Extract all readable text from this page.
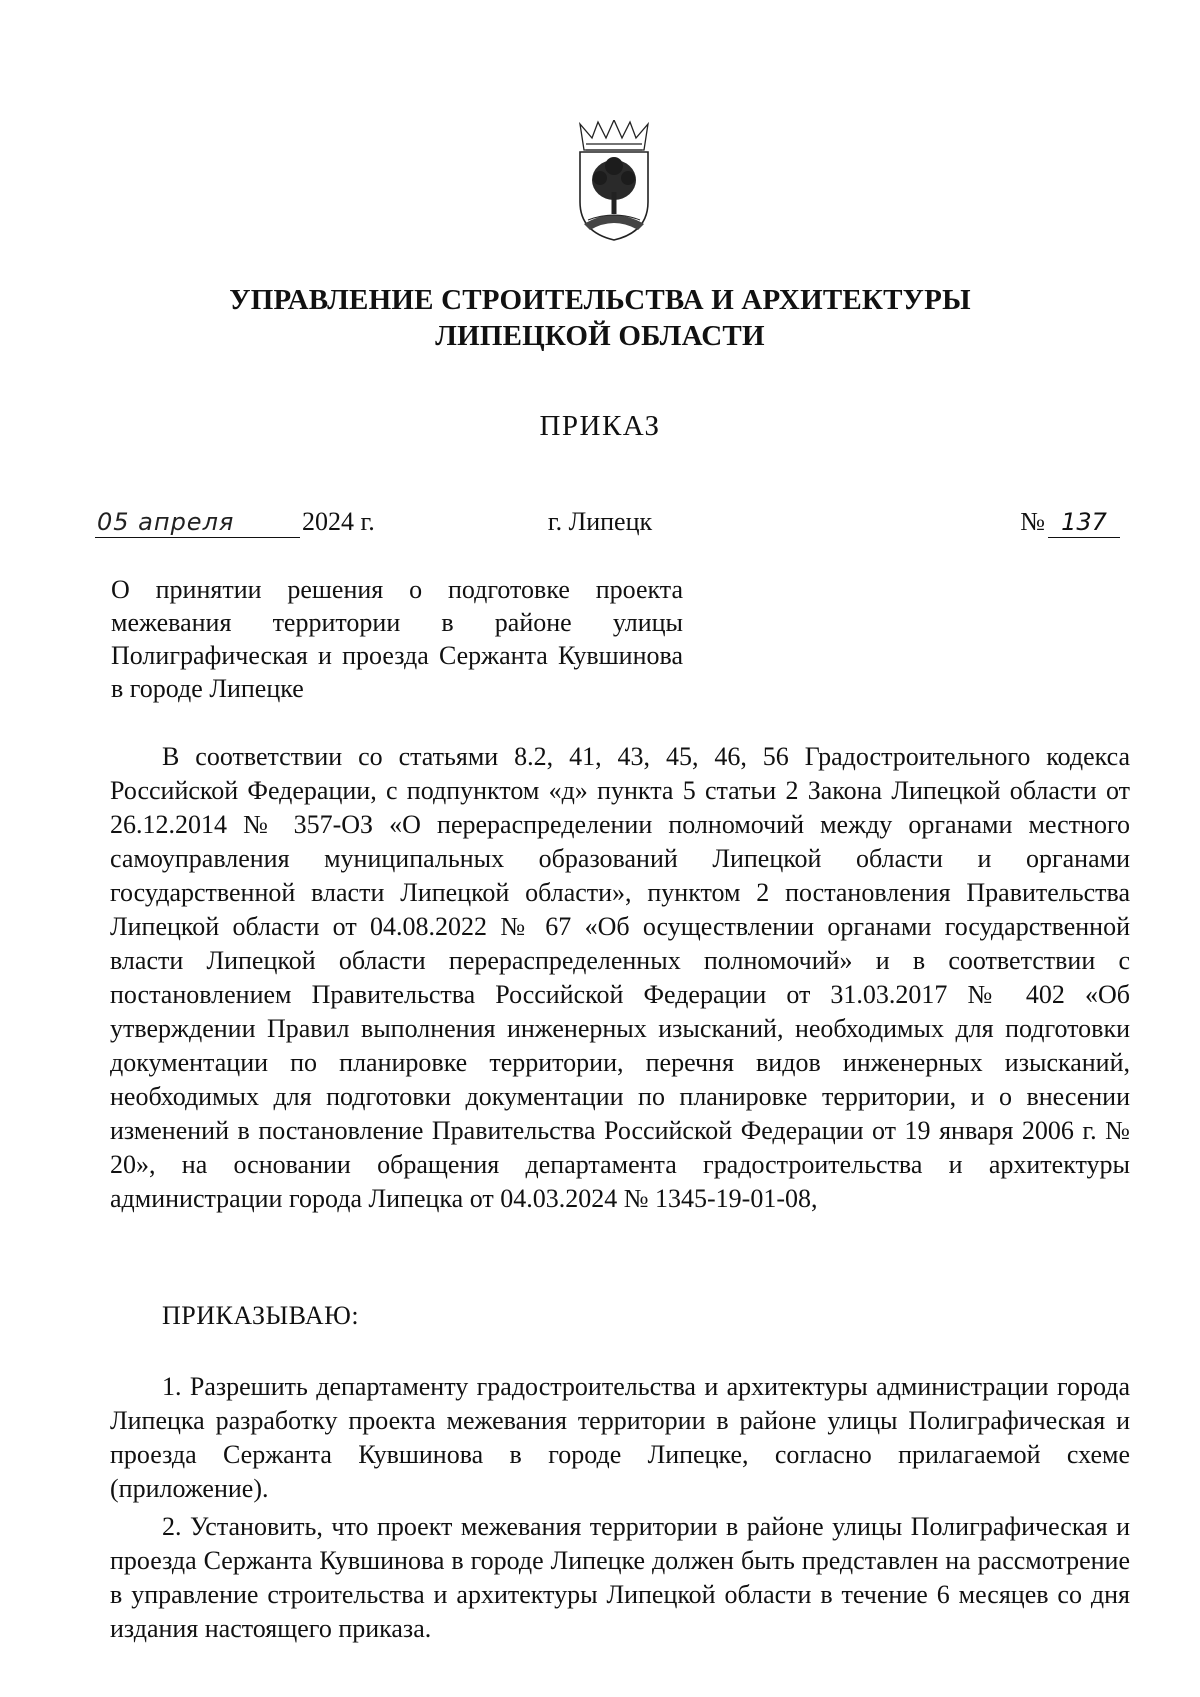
УПРАВЛЕНИЕ СТРОИТЕЛЬСТВА И АРХИТЕКТУРЫ
ЛИПЕЦКОЙ ОБЛАСТИ
ПРИКАЗ
05 апреля	2024 г.	г. Липецк	№ 137
О принятии решения о подготовке проекта межевания территории в районе улицы Полиграфическая и проезда Сержанта Кувшинова в городе Липецке

В соответствии со статьями 8.2, 41, 43, 45, 46, 56 Градостроительного кодекса Российской Федерации, с подпунктом «д» пункта 5 статьи 2 Закона Липецкой области от 26.12.2014 № 357-ОЗ «О перераспределении полномочий между органами местного самоуправления муниципальных образований Липецкой области и органами государственной власти Липецкой области», пунктом 2 постановления Правительства Липецкой области от 04.08.2022 № 67 «Об осуществлении органами государственной власти Липецкой области перераспределенных полномочий» и в соответствии с постановлением Правительства Российской Федерации от 31.03.2017 № 402 «Об утверждении Правил выполнения инженерных изысканий, необходимых для подготовки документации по планировке территории, перечня видов инженерных изысканий, необходимых для подготовки документации по планировке территории, и о внесении изменений в постановление Правительства Российской Федерации от 19 января 2006 г. № 20», на основании обращения департамента градостроительства и архитектуры администрации города Липецка от 04.03.2024 № 1345-19-01-08,

ПРИКАЗЫВАЮ:

1. Разрешить департаменту градостроительства и архитектуры администрации города Липецка разработку проекта межевания территории в районе улицы Полиграфическая и проезда Сержанта Кувшинова в городе Липецке, согласно прилагаемой схеме (приложение).

2. Установить, что проект межевания территории в районе улицы Полиграфическая и проезда Сержанта Кувшинова в городе Липецке должен быть представлен на рассмотрение в управление строительства и архитектуры Липецкой области в течение 6 месяцев со дня издания настоящего приказа.
